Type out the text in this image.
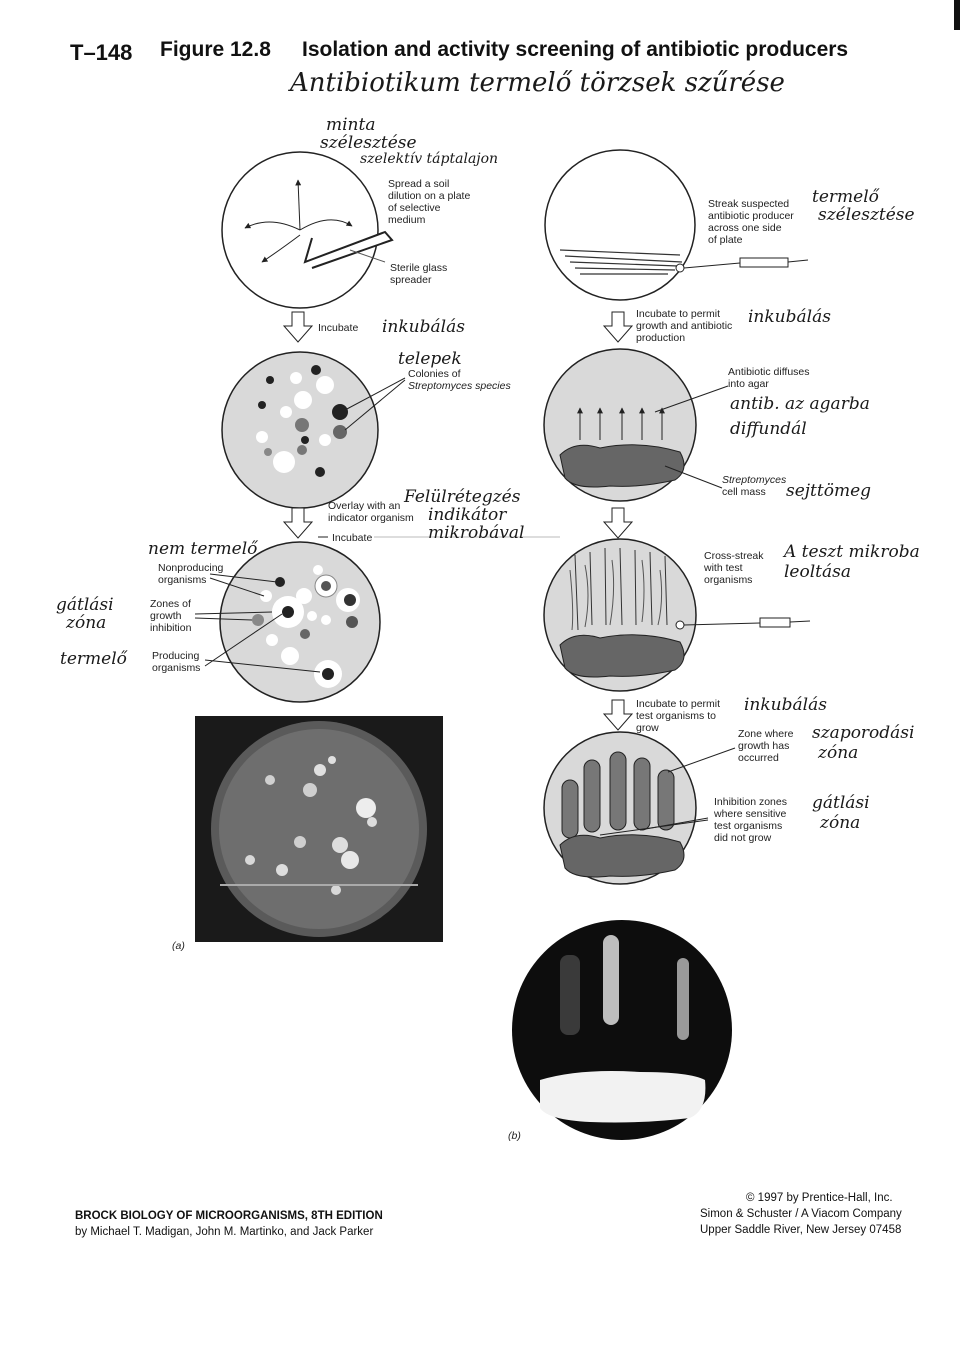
T–148 Figure 12.8 Isolation and activity screening of antibiotic producers
Antibiotikum termelő törzsek szűrése
minta
szélesztése
szelektív táptalajon
Spread a soil
dilution on a plate
of selective
medium
Sterile glass
spreader
Incubate inkubálás
telepek
Colonies of
Streptomyces species
Overlay with an
indicator organism
Incubate
Felülrétegzés
indikátor
mikrobával
nem termelő
Nonproducing
organisms
gátlási
zóna
Zones of
growth
inhibition
termelő Producing
organisms
(a)
Streak suspected
antibiotic producer
across one side
of plate
termelő
szélesztése
Incubate to permit
growth and antibiotic
production
inkubálás
Antibiotic diffuses
into agar
antib. az agarba
diffundál
Streptomyces
cell mass sejttömeg
Cross-streak
with test
organisms
A teszt mikroba
leoltása
Incubate to permit
test organisms to
grow
inkubálás
Zone where
growth has
occurred
szaporodási
zóna
Inhibition zones
where sensitive
test organisms
did not grow
gátlási
zóna
(b)
BROCK BIOLOGY OF MICROORGANISMS, 8TH EDITION
by Michael T. Madigan, John M. Martinko, and Jack Parker
© 1997 by Prentice-Hall, Inc.
Simon & Schuster / A Viacom Company
Upper Saddle River, New Jersey 07458
